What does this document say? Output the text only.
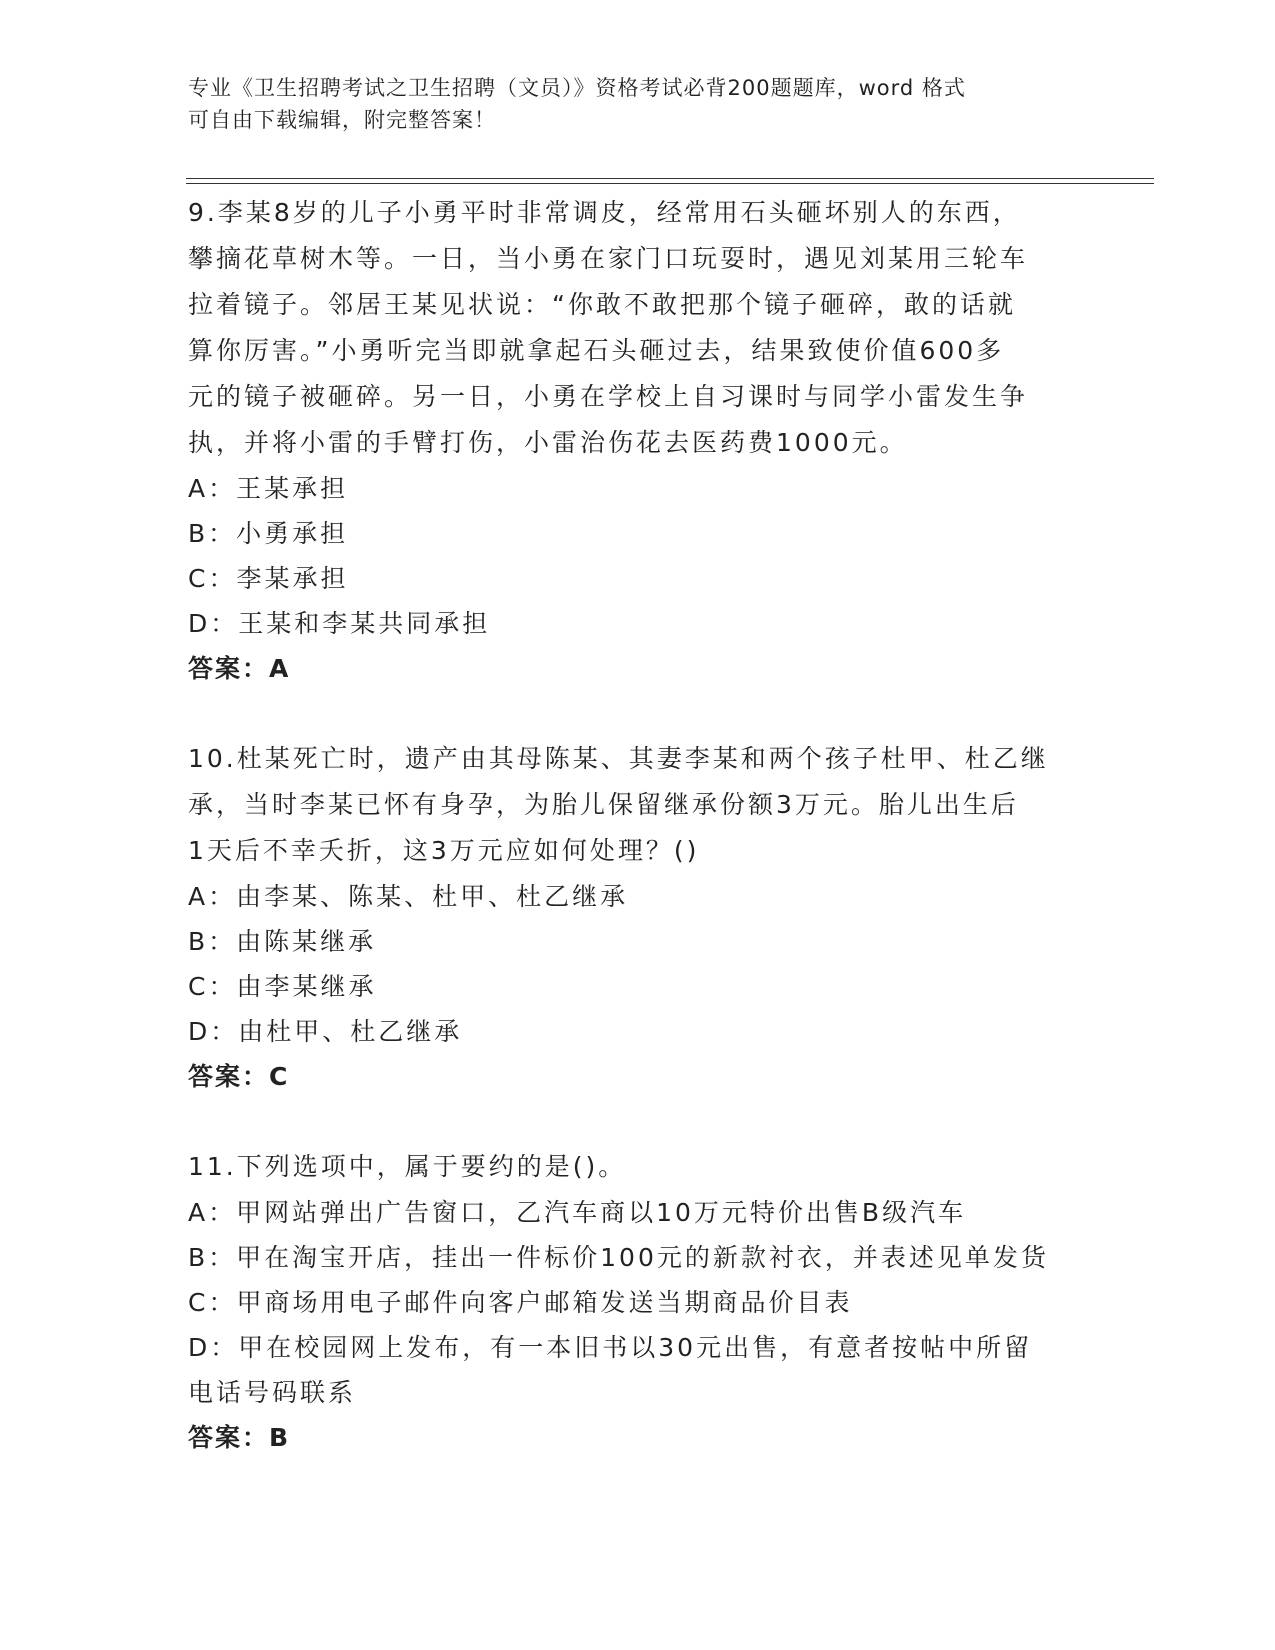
专业《卫生招聘考试之卫生招聘（文员）》资格考试必背200题题库，word 格式
可自由下载编辑，附完整答案！
9.李某8岁的儿子小勇平时非常调皮，经常用石头砸坏别人的东西，
攀摘花草树木等。一日，当小勇在家门口玩耍时，遇见刘某用三轮车
拉着镜子。邻居王某见状说：“你敢不敢把那个镜子砸碎，敢的话就
算你厉害。”小勇听完当即就拿起石头砸过去，结果致使价值600多
元的镜子被砸碎。另一日，小勇在学校上自习课时与同学小雷发生争
执，并将小雷的手臂打伤，小雷治伤花去医药费1000元。
A：王某承担
B：小勇承担
C：李某承担
D：王某和李某共同承担
答案：A
10.杜某死亡时，遗产由其母陈某、其妻李某和两个孩子杜甲、杜乙继
承，当时李某已怀有身孕，为胎儿保留继承份额3万元。胎儿出生后
1天后不幸夭折，这3万元应如何处理？()
A：由李某、陈某、杜甲、杜乙继承
B：由陈某继承
C：由李某继承
D：由杜甲、杜乙继承
答案：C
11.下列选项中，属于要约的是()。
A：甲网站弹出广告窗口，乙汽车商以10万元特价出售B级汽车
B：甲在淘宝开店，挂出一件标价100元的新款衬衣，并表述见单发货
C：甲商场用电子邮件向客户邮箱发送当期商品价目表
D：甲在校园网上发布，有一本旧书以30元出售，有意者按帖中所留
电话号码联系
答案：B
